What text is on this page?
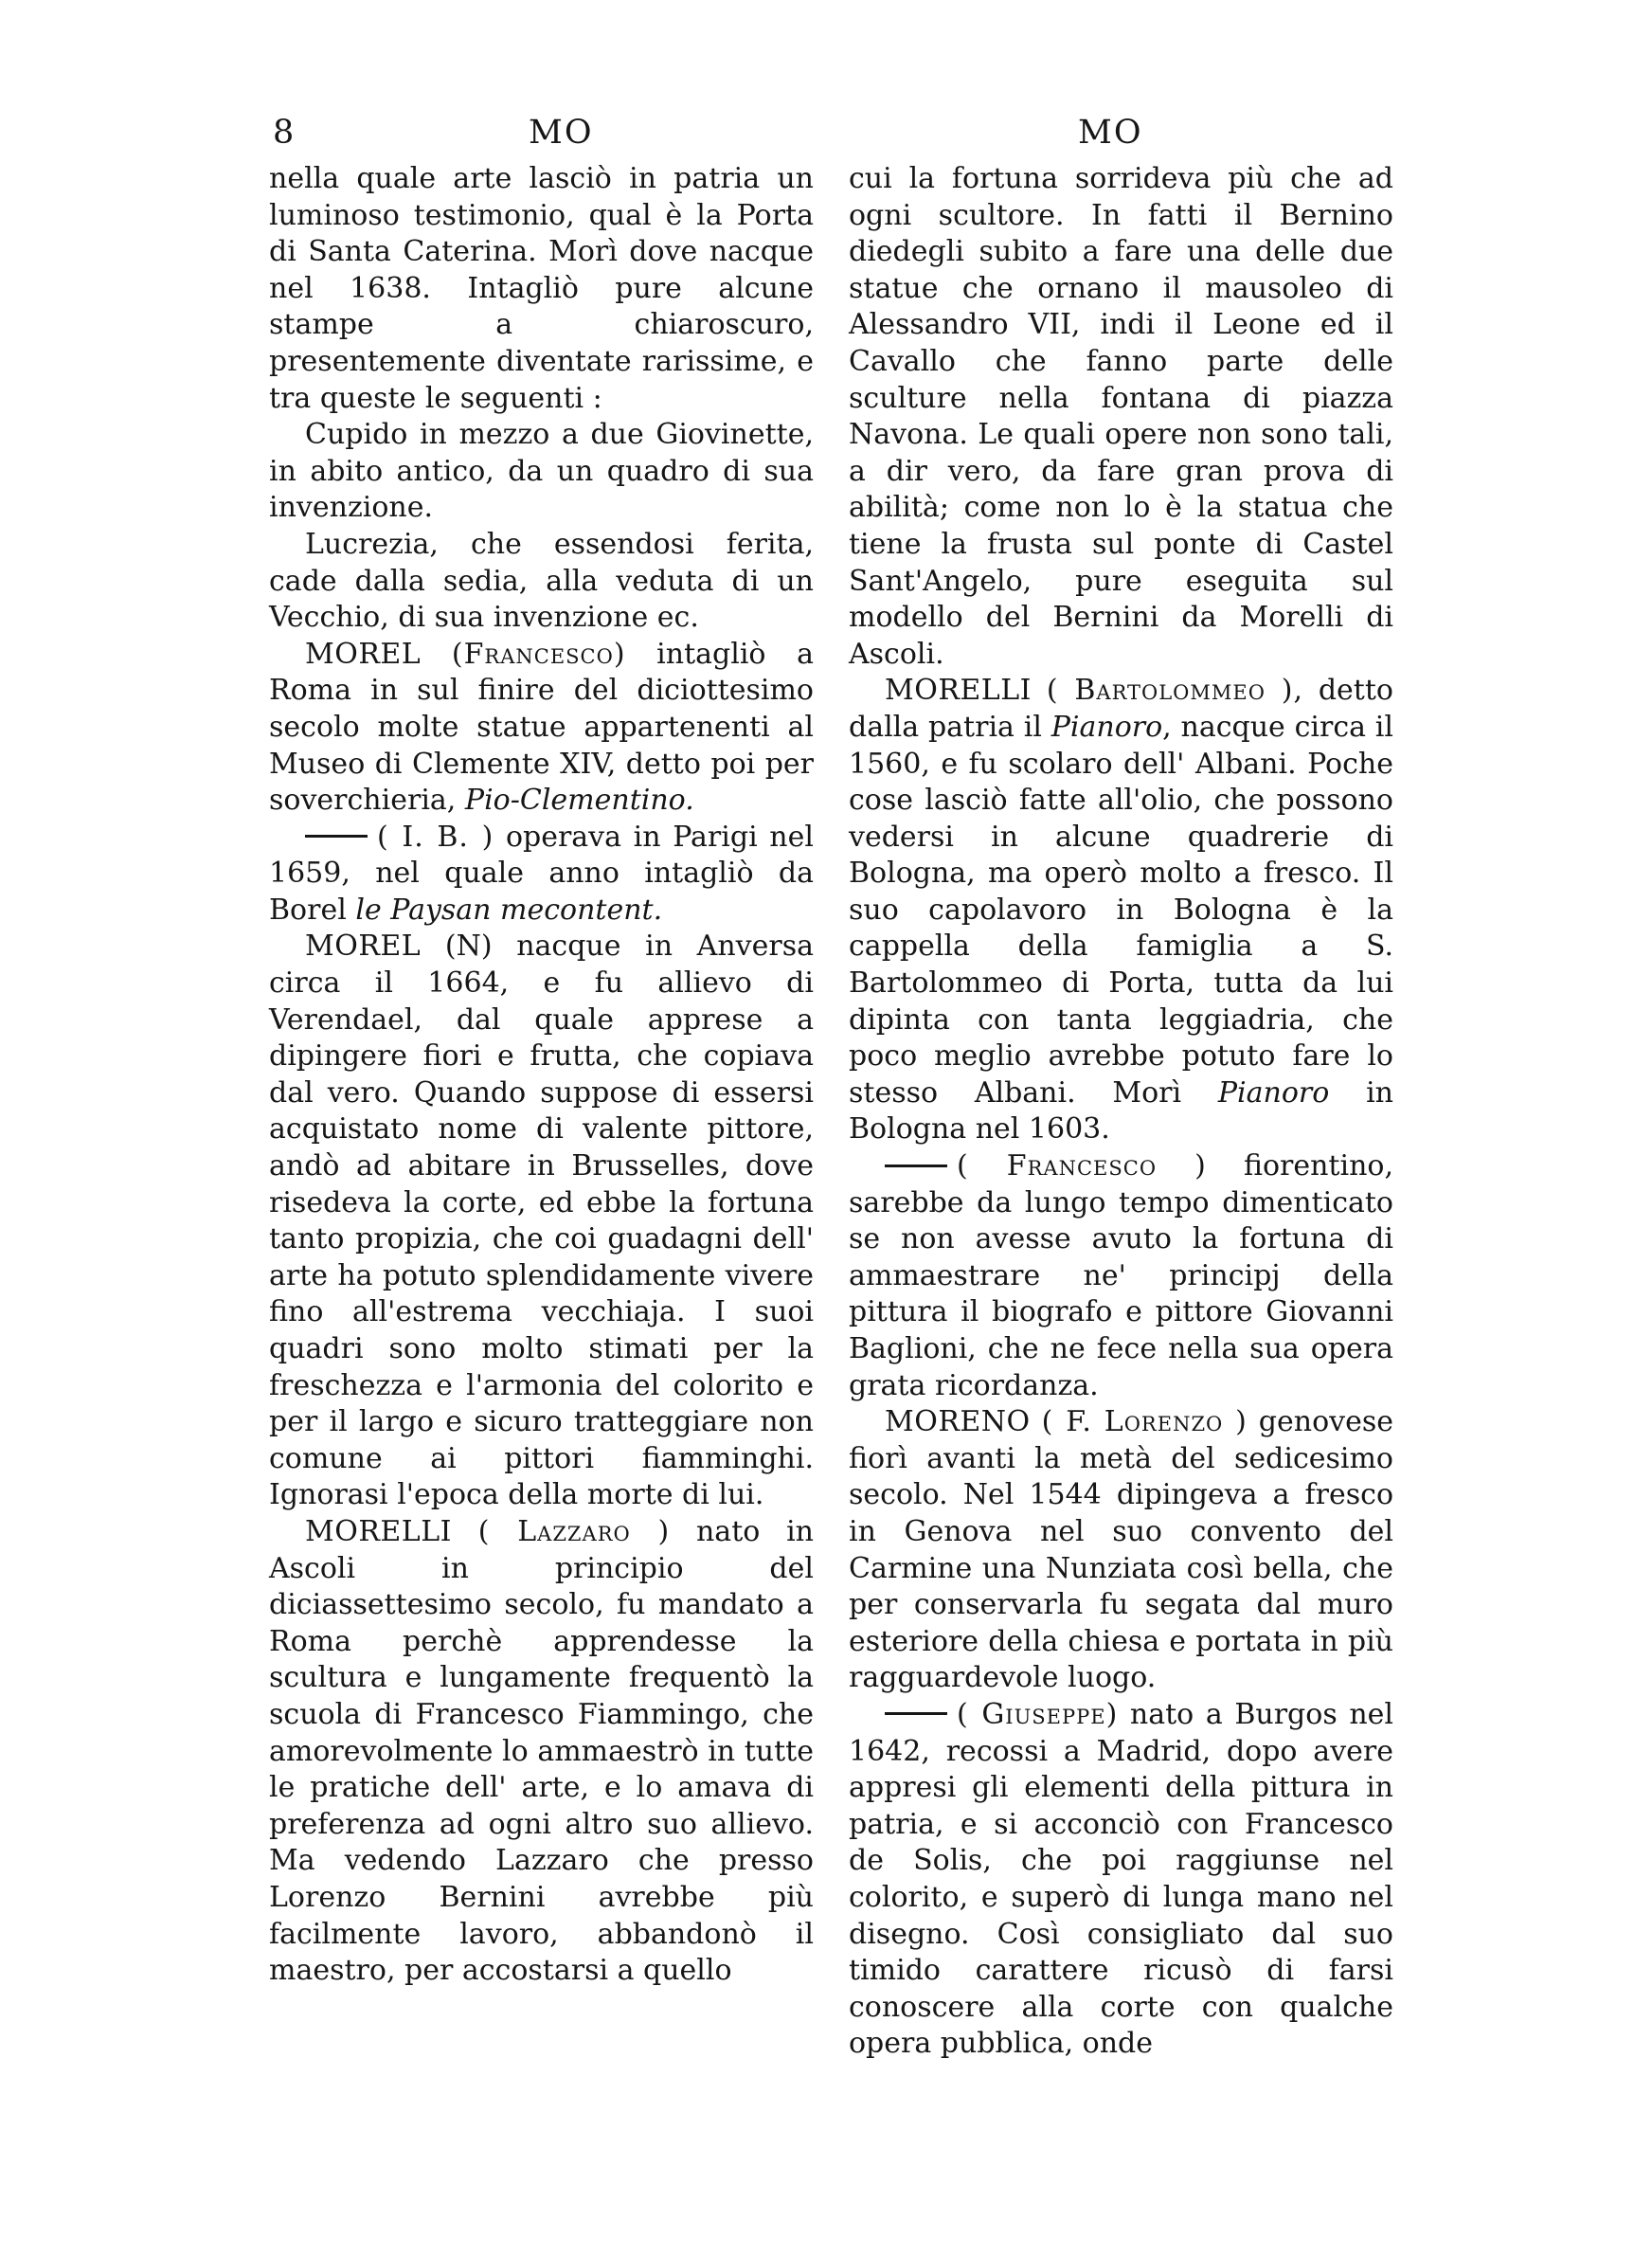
8	MO	MO

nella quale arte lasciò in patria un luminoso testimonio, qual è la Porta di Santa Caterina. Morì dove nacque nel 1638. Intagliò pure alcune stampe a chiaroscuro, presentemente diventate rarissime, e tra queste le seguenti :

Cupido in mezzo a due Giovinette, in abito antico, da un quadro di sua invenzione.

Lucrezia, che essendosi ferita, cade dalla sedia, alla veduta di un Vecchio, di sua invenzione ec.

MOREL (Francesco) intagliò a Roma in sul finire del diciottesimo secolo molte statue appartenenti al Museo di Clemente XIV, detto poi per soverchieria, Pio-Clementino.

( I. B. ) operava in Parigi nel 1659, nel quale anno intagliò da Borel le Paysan mecontent.

MOREL (N) nacque in Anversa circa il 1664, e fu allievo di Verendael, dal quale apprese a dipingere fiori e frutta, che copiava dal vero. Quando suppose di essersi acquistato nome di valente pittore, andò ad abitare in Brusselles, dove risedeva la corte, ed ebbe la fortuna tanto propizia, che coi guadagni dell' arte ha potuto splendidamente vivere fino all'estrema vecchiaja. I suoi quadri sono molto stimati per la freschezza e l'armonia del colorito e per il largo e sicuro tratteggiare non comune ai pittori fiamminghi. Ignorasi l'epoca della morte di lui.

MORELLI ( Lazzaro ) nato in Ascoli in principio del diciassettesimo secolo, fu mandato a Roma perchè apprendesse la scultura e lungamente frequentò la scuola di Francesco Fiammingo, che amorevolmente lo ammaestrò in tutte le pratiche dell' arte, e lo amava di preferenza ad ogni altro suo allievo. Ma vedendo Lazzaro che presso Lorenzo Bernini avrebbe più facilmente lavoro, abbandonò il maestro, per accostarsi a quello

cui la fortuna sorrideva più che ad ogni scultore. In fatti il Bernino diedegli subito a fare una delle due statue che ornano il mausoleo di Alessandro VII, indi il Leone ed il Cavallo che fanno parte delle sculture nella fontana di piazza Navona. Le quali opere non sono tali, a dir vero, da fare gran prova di abilità; come non lo è la statua che tiene la frusta sul ponte di Castel Sant'Angelo, pure eseguita sul modello del Bernini da Morelli di Ascoli.

MORELLI ( Bartolommeo ), detto dalla patria il Pianoro, nacque circa il 1560, e fu scolaro dell' Albani. Poche cose lasciò fatte all'olio, che possono vedersi in alcune quadrerie di Bologna, ma operò molto a fresco. Il suo capolavoro in Bologna è la cappella della famiglia a S. Bartolommeo di Porta, tutta da lui dipinta con tanta leggiadria, che poco meglio avrebbe potuto fare lo stesso Albani. Morì Pianoro in Bologna nel 1603.

( Francesco ) fiorentino, sarebbe da lungo tempo dimenticato se non avesse avuto la fortuna di ammaestrare ne' principj della pittura il biografo e pittore Giovanni Baglioni, che ne fece nella sua opera grata ricordanza.

MORENO ( F. Lorenzo ) genovese fiorì avanti la metà del sedicesimo secolo. Nel 1544 dipingeva a fresco in Genova nel suo convento del Carmine una Nunziata così bella, che per conservarla fu segata dal muro esteriore della chiesa e portata in più ragguardevole luogo.

( Giuseppe) nato a Burgos nel 1642, recossi a Madrid, dopo avere appresi gli elementi della pittura in patria, e si acconciò con Francesco de Solis, che poi raggiunse nel colorito, e superò di lunga mano nel disegno. Così consigliato dal suo timido carattere ricusò di farsi conoscere alla corte con qualche opera pubblica, onde
